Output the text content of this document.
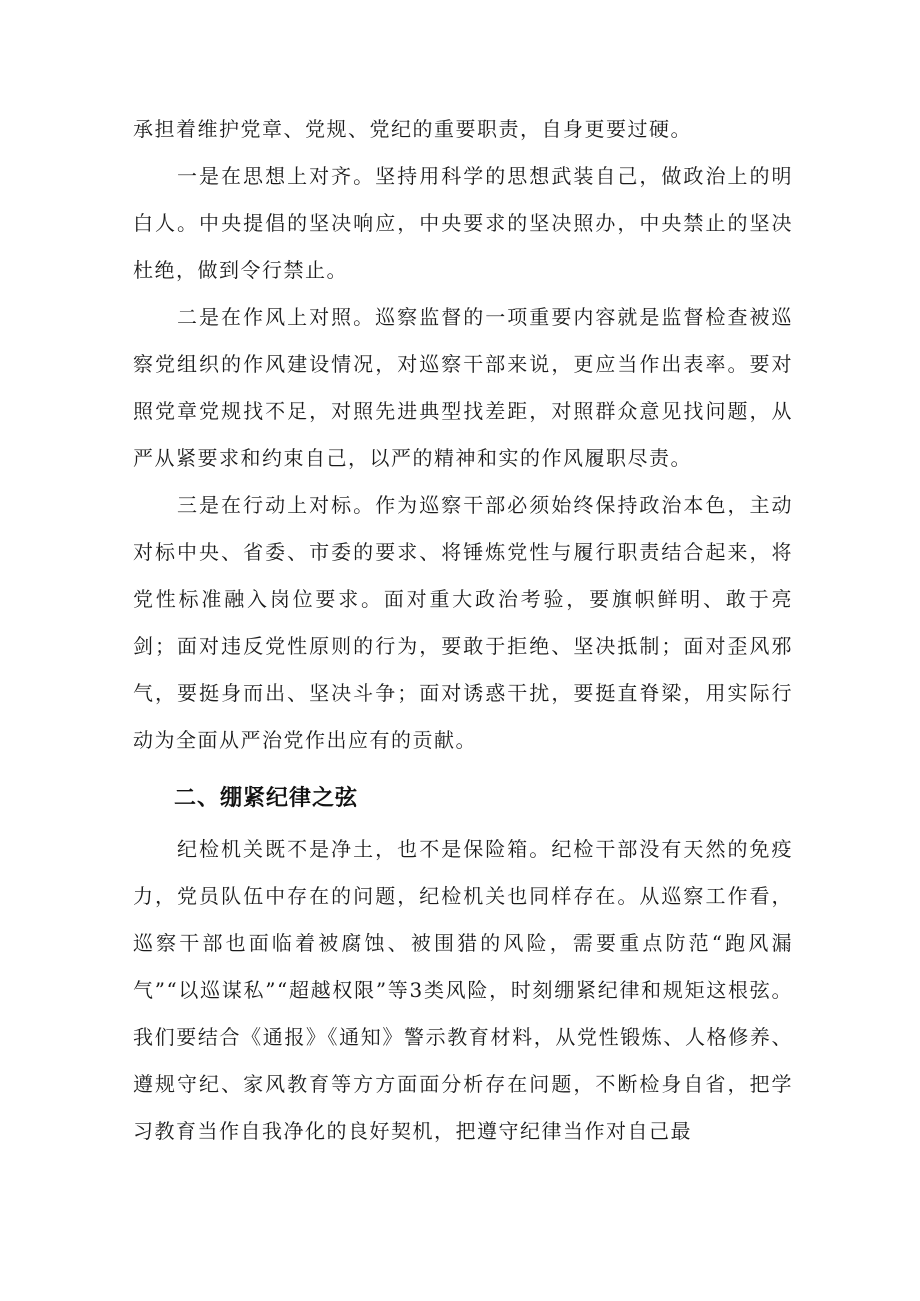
承担着维护党章、党规、党纪的重要职责，自身更要过硬。

一是在思想上对齐。坚持用科学的思想武装自己，做政治上的明白人。中央提倡的坚决响应，中央要求的坚决照办，中央禁止的坚决杜绝，做到令行禁止。

二是在作风上对照。巡察监督的一项重要内容就是监督检查被巡察党组织的作风建设情况，对巡察干部来说，更应当作出表率。要对照党章党规找不足，对照先进典型找差距，对照群众意见找问题，从严从紧要求和约束自己，以严的精神和实的作风履职尽责。

三是在行动上对标。作为巡察干部必须始终保持政治本色，主动对标中央、省委、市委的要求、将锤炼党性与履行职责结合起来，将党性标准融入岗位要求。面对重大政治考验，要旗帜鲜明、敢于亮剑；面对违反党性原则的行为，要敢于拒绝、坚决抵制；面对歪风邪气，要挺身而出、坚决斗争；面对诱惑干扰，要挺直脊梁，用实际行动为全面从严治党作出应有的贡献。

二、绷紧纪律之弦

纪检机关既不是净土，也不是保险箱。纪检干部没有天然的免疫力，党员队伍中存在的问题，纪检机关也同样存在。从巡察工作看，巡察干部也面临着被腐蚀、被围猎的风险，需要重点防范“跑风漏气”“以巡谋私”“超越权限”等3类风险，时刻绷紧纪律和规矩这根弦。我们要结合《通报》《通知》警示教育材料，从党性锻炼、人格修养、遵规守纪、家风教育等方方面面分析存在问题，不断检身自省，把学习教育当作自我净化的良好契机，把遵守纪律当作对自己最
